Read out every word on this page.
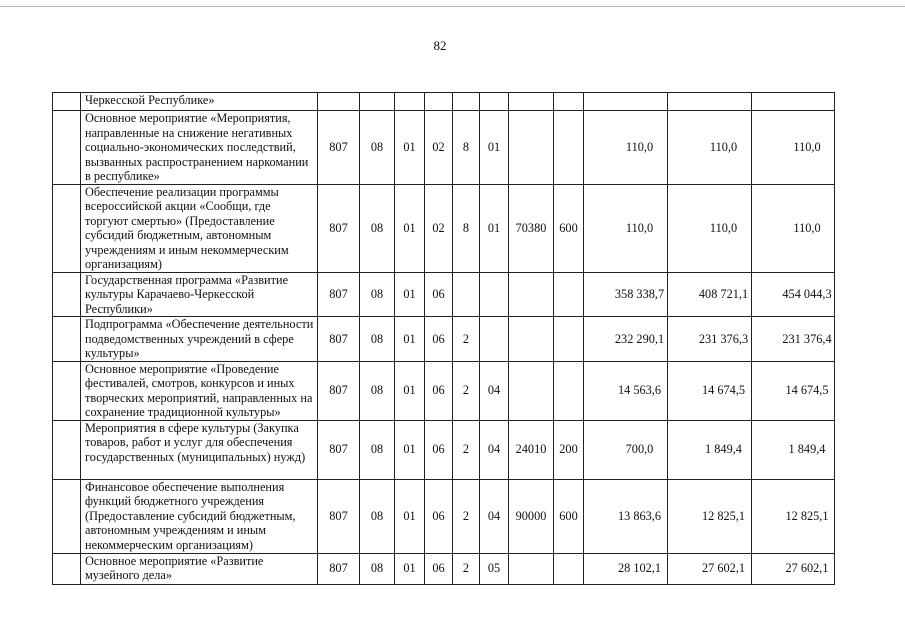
82
	Черкесской Республике»											
	Основное мероприятие «Мероприятия, направленные на снижение негативных социально-экономических последствий, вызванных распространением наркомании в республике»	807	08	01	02	8	01			110,0	110,0	110,0
	Обеспечение реализации программы всероссийской акции «Сообщи, где торгуют смертью» (Предоставление субсидий бюджетным, автономным учреждениям и иным некоммерческим организациям)	807	08	01	02	8	01	70380	600	110,0	110,0	110,0
	Государственная программа «Развитие культуры Карачаево-Черкесской Республики»	807	08	01	06					358 338,7	408 721,1	454 044,3
	Подпрограмма «Обеспечение деятельности подведомственных учреждений в сфере культуры»	807	08	01	06	2				232 290,1	231 376,3	231 376,4
	Основное мероприятие «Проведение фестивалей, смотров, конкурсов и иных творческих мероприятий, направленных на сохранение традиционной культуры»	807	08	01	06	2	04			14 563,6	14 674,5	14 674,5
	Мероприятия в сфере культуры (Закупка товаров, работ и услуг для обеспечения государственных (муниципальных) нужд)	807	08	01	06	2	04	24010	200	700,0	1 849,4	1 849,4
	Финансовое обеспечение выполнения функций бюджетного учреждения (Предоставление субсидий бюджетным, автономным учреждениям и иным некоммерческим организациям)	807	08	01	06	2	04	90000	600	13 863,6	12 825,1	12 825,1
	Основное мероприятие «Развитие музейного дела»	807	08	01	06	2	05			28 102,1	27 602,1	27 602,1
